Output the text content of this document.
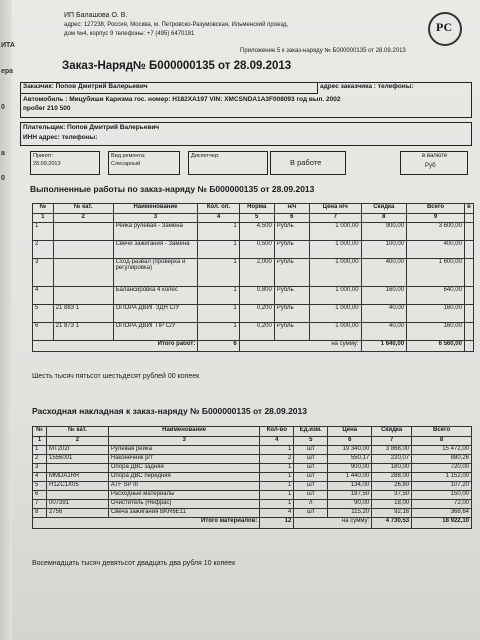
ИТА
ера
0
а
0
ИП Балашова О. В.
адрес: 127238, Россия, Москва, м. Петровско-Разумовская, Ильменский проезд,
дом №4, корпус 9 телефоны: +7 (495) 6470181	РС
Приложение 5 к заказ-наряду № Б000000135 от 28.09.2013
Заказ-Наряд№ Б000000135 от 28.09.2013
Заказчик: Попов Дмитрий Валерьевич	адрес заказчика : телефоны:
Автомобиль : Мицубиши Каризма гос. номер: Н182ХА197 VIN: XMCSNDA1A3F008093 год вып. 2002
пробег 210 500
Плательщик: Попов Дмитрий Валерьевич
ИНН адрес: телефоны:
Принят:
28.09.2013
Вид ремонта:
Слесарный
Диспетчер:
В работе
в валюте
Руб
Выполненные работы по заказ-наряду № Б000000135 от 28.09.2013
№	№ кат.	Наименование	Кол. оп.	Норма	н/ч	Цена н/ч	Скидка	Всего	в
1	2	3	4	5	6	7	8	9	
1		Рейка рулевая - Замена	1	4,500	Рубль	1 000,00	900,00	3 600,00	
2		Свечи зажигания - Замена	1	0,500	Рубль	1 000,00	100,00	400,00	
3		Сход-развал (проверка и регулировка)	1	2,000	Рубль	1 000,00	400,00	1 600,00	
4		Балансировка 4 колес	1	0,800	Рубль	1 000,00	160,00	640,00	
5	21 883 1	ОПОРА ДВИГ ЗДН С/У	1	0,200	Рубль	1 000,00	40,00	160,00	
6	21 873 1	ОПОРА ДВИГ ПР С/У	1	0,200	Рубль	1 000,00	40,00	160,00	
Итого работ:			6	на сумму:			1 640,00	6 560,00	
Шесть тысяч пятьсот шестьдесят рублей 00 копеек
Расходная накладная к заказ-наряду № Б000000135 от 28.09.2013
№	№ кат.	Наименование	Кол-во	Ед.изм.	Цена	Скидка	Всего
1	2	3	4	5	6	7	8
1	MT202r	Рулевая рейка	1	шт	19 340,00	3 868,00	15 472,00
2	1556001	Наконечник р/т	2	шт	550,17	220,07	880,26
3		Опора ДВС задняя	1	шт	900,00	180,00	720,00
4	MMDA1RR	Опора ДВС передняя	1	шт	1 440,00	288,00	1 152,00
5	H1ZC1X05	ATF SP III	1	шт	134,00	26,80	107,20
6		Расходные материалы	1	шт	187,50	37,50	150,00
7	007391	Очиститель (Нефрас)	1	л	90,00	18,00	72,00
8	2756	Свеча зажигания BKR6E11	4	шт	115,20	92,16	368,64
Итого материалов:			12	на сумму:		4 730,53	18 922,10
Восемнадцать тысяч девятьсот двадцать два рубля 10 копеек
